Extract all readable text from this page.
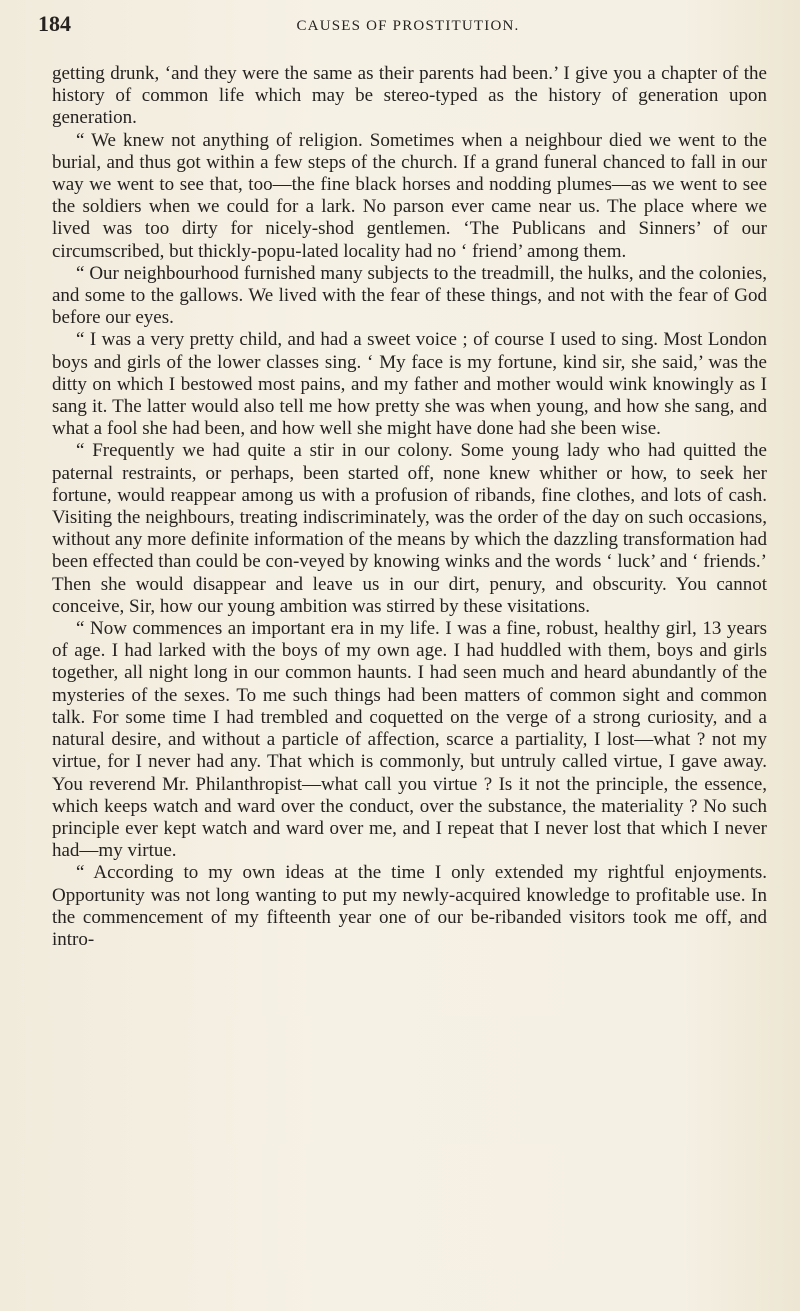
184	CAUSES OF PROSTITUTION.

getting drunk, ‘and they were the same as their parents had been.’ I give you a chapter of the history of common life which may be stereo-typed as the history of generation upon generation.

“ We knew not anything of religion. Sometimes when a neighbour died we went to the burial, and thus got within a few steps of the church. If a grand funeral chanced to fall in our way we went to see that, too—the fine black horses and nodding plumes—as we went to see the soldiers when we could for a lark. No parson ever came near us. The place where we lived was too dirty for nicely-shod gentlemen. ‘The Publicans and Sinners’ of our circumscribed, but thickly-popu-lated locality had no ‘ friend’ among them.

“ Our neighbourhood furnished many subjects to the treadmill, the hulks, and the colonies, and some to the gallows. We lived with the fear of these things, and not with the fear of God before our eyes.

“ I was a very pretty child, and had a sweet voice ; of course I used to sing. Most London boys and girls of the lower classes sing. ‘ My face is my fortune, kind sir, she said,’ was the ditty on which I bestowed most pains, and my father and mother would wink knowingly as I sang it. The latter would also tell me how pretty she was when young, and how she sang, and what a fool she had been, and how well she might have done had she been wise.

“ Frequently we had quite a stir in our colony. Some young lady who had quitted the paternal restraints, or perhaps, been started off, none knew whither or how, to seek her fortune, would reappear among us with a profusion of ribands, fine clothes, and lots of cash. Visiting the neighbours, treating indiscriminately, was the order of the day on such occasions, without any more definite information of the means by which the dazzling transformation had been effected than could be con-veyed by knowing winks and the words ‘ luck’ and ‘ friends.’ Then she would disappear and leave us in our dirt, penury, and obscurity. You cannot conceive, Sir, how our young ambition was stirred by these visitations.

“ Now commences an important era in my life. I was a fine, robust, healthy girl, 13 years of age. I had larked with the boys of my own age. I had huddled with them, boys and girls together, all night long in our common haunts. I had seen much and heard abundantly of the mysteries of the sexes. To me such things had been matters of common sight and common talk. For some time I had trembled and coquetted on the verge of a strong curiosity, and a natural desire, and without a particle of affection, scarce a partiality, I lost—what ? not my virtue, for I never had any. That which is commonly, but untruly called virtue, I gave away. You reverend Mr. Philanthropist—what call you virtue ? Is it not the principle, the essence, which keeps watch and ward over the conduct, over the substance, the materiality ? No such principle ever kept watch and ward over me, and I repeat that I never lost that which I never had—my virtue.

“ According to my own ideas at the time I only extended my rightful enjoyments. Opportunity was not long wanting to put my newly-acquired knowledge to profitable use. In the commencement of my fifteenth year one of our be-ribanded visitors took me off, and intro-
